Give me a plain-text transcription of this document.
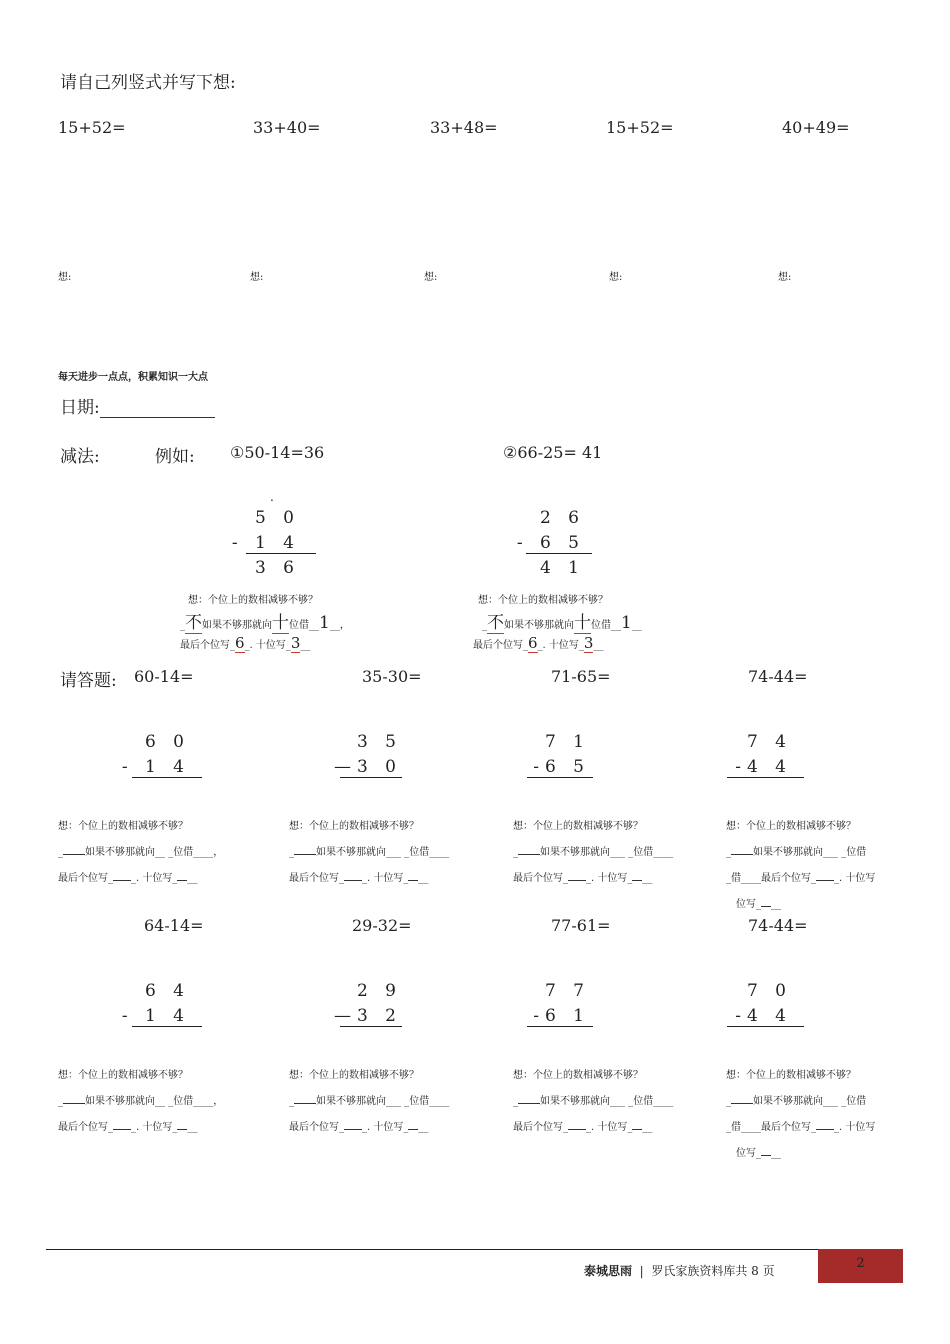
请自己列竖式并写下想:
15+52=	33+40=	33+48=	15+52=	40+49=
想:	想:	想:	想:	想:
每天进步一点点，积累知识一大点
日期:
减法:	例如: ①50-14=36	②66-25= 41
.
5 0
- 1 4
3 6
2 6
- 6 5
4 1
想：个位上的数相减够不够？
_不如果不够那就向十位借__1__，
最后个位写_6_. 十位写_3__
想：个位上的数相减够不够？
_不如果不够那就向十位借__1__
最后个位写_6_. 十位写_3__
请答题: 60-14=	35-30=	71-65=	74-44=
6 0
- 1 4
3 5
—3 0
7 1
-6 5
7 4
-4 4
想：个位上的数相减够不够？
_ 如果不够那就向__ _位借____，
最后个位写_ _. 十位写_ __
想：个位上的数相减够不够？
_ 如果不够那就向___ _位借____
最后个位写_ _. 十位写_ __
想：个位上的数相减够不够？
_ 如果不够那就向___ _位借____
最后个位写_ _. 十位写_ __
想：个位上的数相减够不够？
_ 如果不够那就向___ _位借
_借____最后个位写_ _. 十位写
位写_ __
64-14=	29-32=	77-61=	74-44=
6 4
- 1 4
2 9
—3 2
7 7
-6 1
7 0
-4 4
想：个位上的数相减够不够？
_ 如果不够那就向__ _位借____，
最后个位写_ _. 十位写_ __
想：个位上的数相减够不够？
_ 如果不够那就向___ _位借____
最后个位写_ _. 十位写_ __
想：个位上的数相减够不够？
_ 如果不够那就向___ _位借____
最后个位写_ _. 十位写_ __
想：个位上的数相减够不够？
_ 如果不够那就向___ _位借
_借____最后个位写_ _. 十位写
位写_ __
泰城思雨 | 罗氏家族资料库共 8 页	2
